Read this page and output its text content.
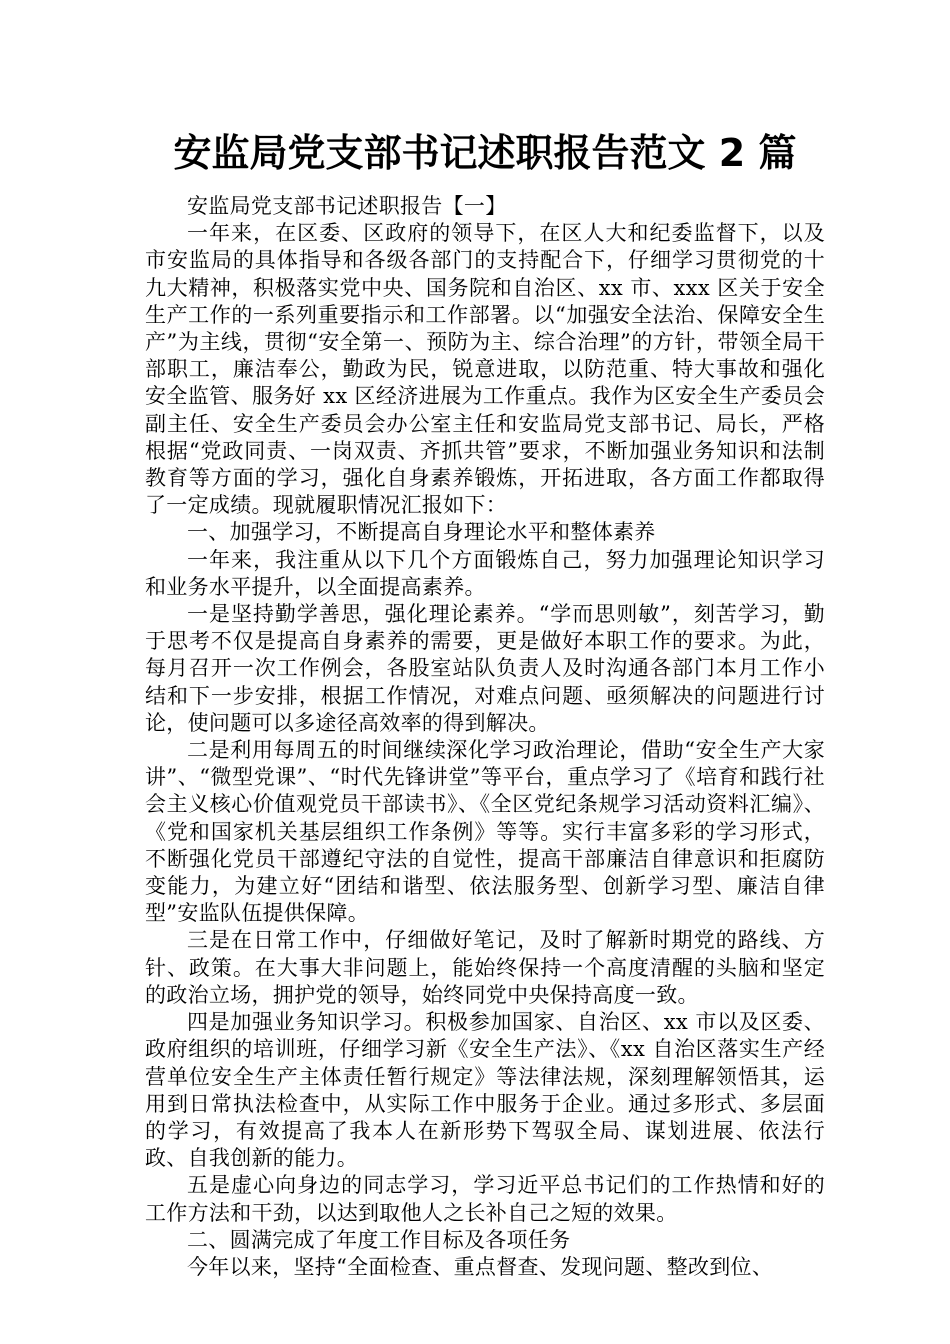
安监局党支部书记述职报告范文 2 篇

安监局党支部书记述职报告【一】

一年来，在区委、区政府的领导下，在区人大和纪委监督下，以及市安监局的具体指导和各级各部门的支持配合下，仔细学习贯彻党的十九大精神，积极落实党中央、国务院和自治区、xx 市、xxx 区关于安全生产工作的一系列重要指示和工作部署。以“加强安全法治、保障安全生产”为主线，贯彻“安全第一、预防为主、综合治理”的方针，带领全局干部职工，廉洁奉公，勤政为民，锐意进取，以防范重、特大事故和强化安全监管、服务好 xx 区经济进展为工作重点。我作为区安全生产委员会副主任、安全生产委员会办公室主任和安监局党支部书记、局长，严格根据“党政同责、一岗双责、齐抓共管”要求，不断加强业务知识和法制教育等方面的学习，强化自身素养锻炼，开拓进取，各方面工作都取得了一定成绩。现就履职情况汇报如下：

一、加强学习，不断提高自身理论水平和整体素养

一年来，我注重从以下几个方面锻炼自己，努力加强理论知识学习和业务水平提升，以全面提高素养。

一是坚持勤学善思，强化理论素养。“学而思则敏”，刻苦学习，勤于思考不仅是提高自身素养的需要，更是做好本职工作的要求。为此，每月召开一次工作例会，各股室站队负责人及时沟通各部门本月工作小结和下一步安排，根据工作情况，对难点问题、亟须解决的问题进行讨论，使问题可以多途径高效率的得到解决。

二是利用每周五的时间继续深化学习政治理论，借助“安全生产大家讲”、“微型党课”、“时代先锋讲堂”等平台，重点学习了《培育和践行社会主义核心价值观党员干部读书》、《全区党纪条规学习活动资料汇编》、《党和国家机关基层组织工作条例》等等。实行丰富多彩的学习形式，不断强化党员干部遵纪守法的自觉性，提高干部廉洁自律意识和拒腐防变能力，为建立好“团结和谐型、依法服务型、创新学习型、廉洁自律型”安监队伍提供保障。

三是在日常工作中，仔细做好笔记，及时了解新时期党的路线、方针、政策。在大事大非问题上，能始终保持一个高度清醒的头脑和坚定的政治立场，拥护党的领导，始终同党中央保持高度一致。

四是加强业务知识学习。积极参加国家、自治区、xx 市以及区委、政府组织的培训班，仔细学习新《安全生产法》、《xx 自治区落实生产经营单位安全生产主体责任暂行规定》等法律法规，深刻理解领悟其，运用到日常执法检查中，从实际工作中服务于企业。通过多形式、多层面的学习，有效提高了我本人在新形势下驾驭全局、谋划进展、依法行政、自我创新的能力。

五是虚心向身边的同志学习，学习近平总书记们的工作热情和好的工作方法和干劲，以达到取他人之长补自己之短的效果。

二、圆满完成了年度工作目标及各项任务

今年以来，坚持“全面检查、重点督查、发现问题、整改到位、
